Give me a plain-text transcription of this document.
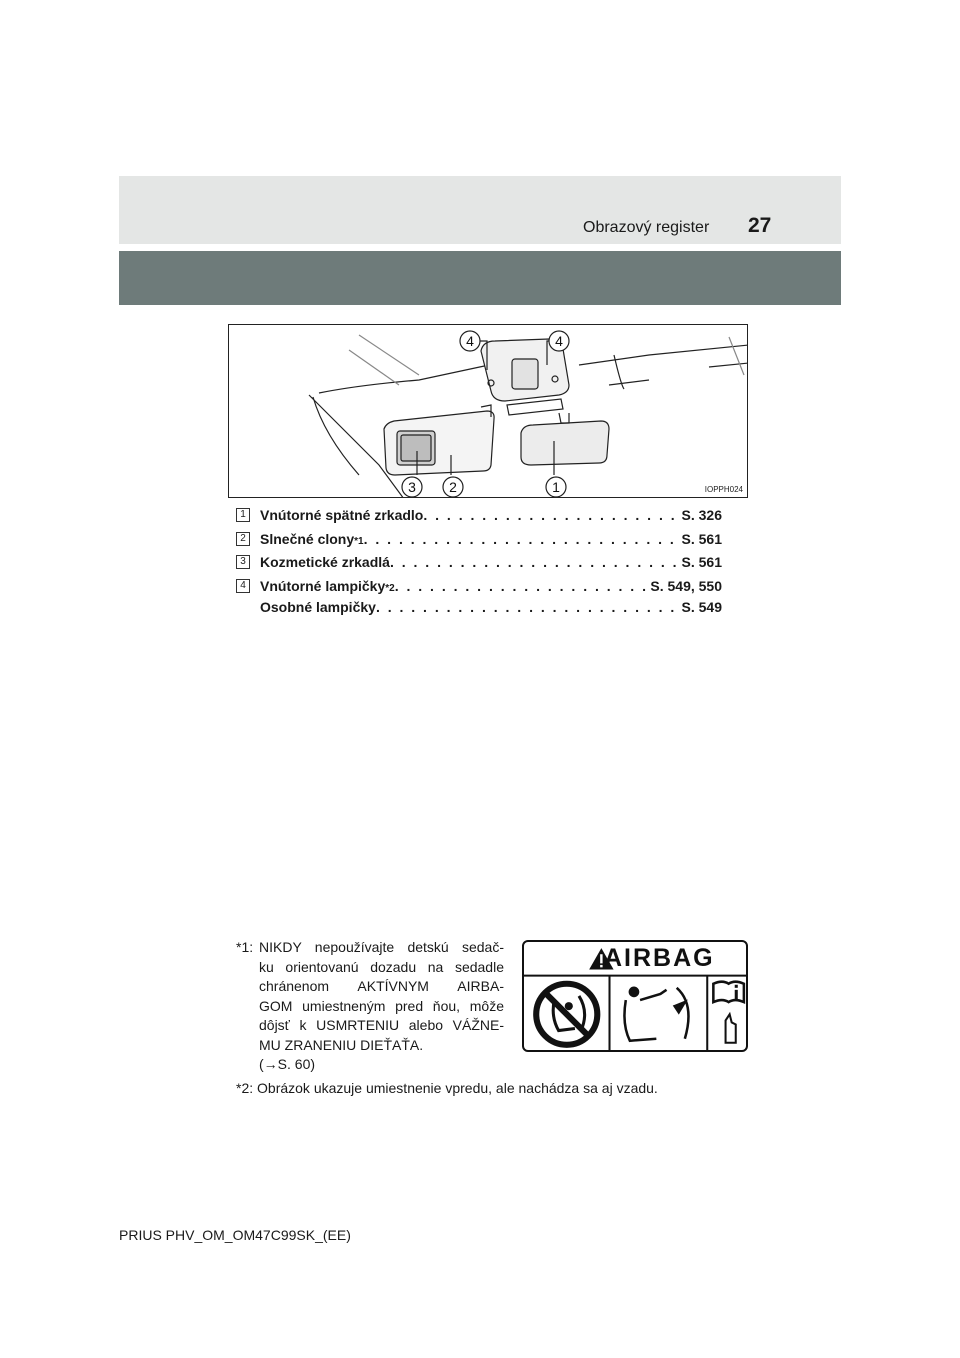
Obrazový register 27
4	4
3 2	1	IOPPH024
1	Vnútorné spätné zrkadlo . . .	S. 326
2	Slnečné clony *1 . . .	S. 561
3	Kozmetické zrkadlá . . .	S. 561
4	Vnútorné lampičky *2 . . .	S. 549, 550
Osobné lampičky . . .	S. 549
*1: NIKDY nepoužívajte detskú sedač-
ku orientovanú dozadu na sedadle
chránenom AKTÍVNYM AIRBA-
GOM umiestneným pred ňou, môže
dôjsť k USMRTENIU alebo VÁŽNE-
MU ZRANENIU DIEŤAŤA.
(→S. 60)
AIRBAG
*2: Obrázok ukazuje umiestnenie vpredu, ale nachádza sa aj vzadu.
PRIUS PHV_OM_OM47C99SK_(EE)
